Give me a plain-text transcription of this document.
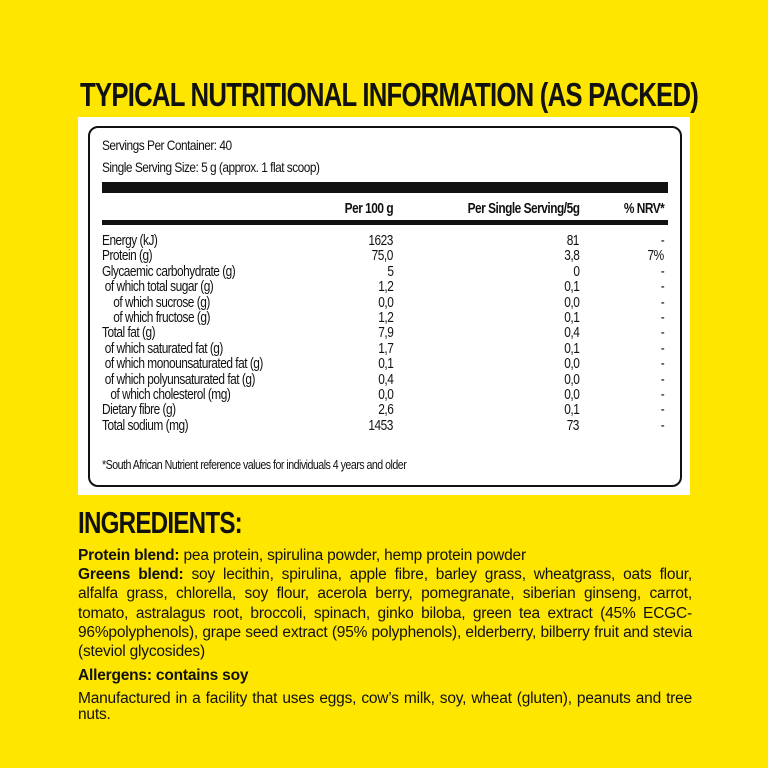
TYPICAL NUTRITIONAL INFORMATION (AS PACKED)
Servings Per Container: 40
Single Serving Size: 5 g (approx. 1 flat scoop)
Per 100 g	Per Single Serving/5g	% NRV*
Energy (kJ)	1623	81	-
Protein (g)	75,0	3,8	7%
Glycaemic carbohydrate (g)	5	0	-
of which total sugar (g)	1,2	0,1	-
of which sucrose (g)	0,0	0,0	-
of which fructose (g)	1,2	0,1	-
Total fat (g)	7,9	0,4	-
of which saturated fat (g)	1,7	0,1	-
of which monounsaturated fat (g)	0,1	0,0	-
of which polyunsaturated fat (g)	0,4	0,0	-
of which cholesterol (mg)	0,0	0,0	-
Dietary fibre (g)	2,6	0,1	-
Total sodium (mg)	1453	73	-
*South African Nutrient reference values for individuals 4 years and older
INGREDIENTS:
Protein blend: pea protein, spirulina powder, hemp protein powder
Greens blend: soy lecithin, spirulina, apple fibre, barley grass, wheatgrass, oats flour, alfalfa grass, chlorella, soy flour, acerola berry, pomegranate, siberian ginseng, carrot, tomato, astralagus root, broccoli, spinach, ginko biloba, green tea extract (45% ECGC- 96%polyphenols), grape seed extract (95% polyphenols), elderberry, bilberry fruit and stevia (steviol glycosides)
Allergens: contains soy
Manufactured in a facility that uses eggs, cow’s milk, soy, wheat (gluten), peanuts and tree nuts.
